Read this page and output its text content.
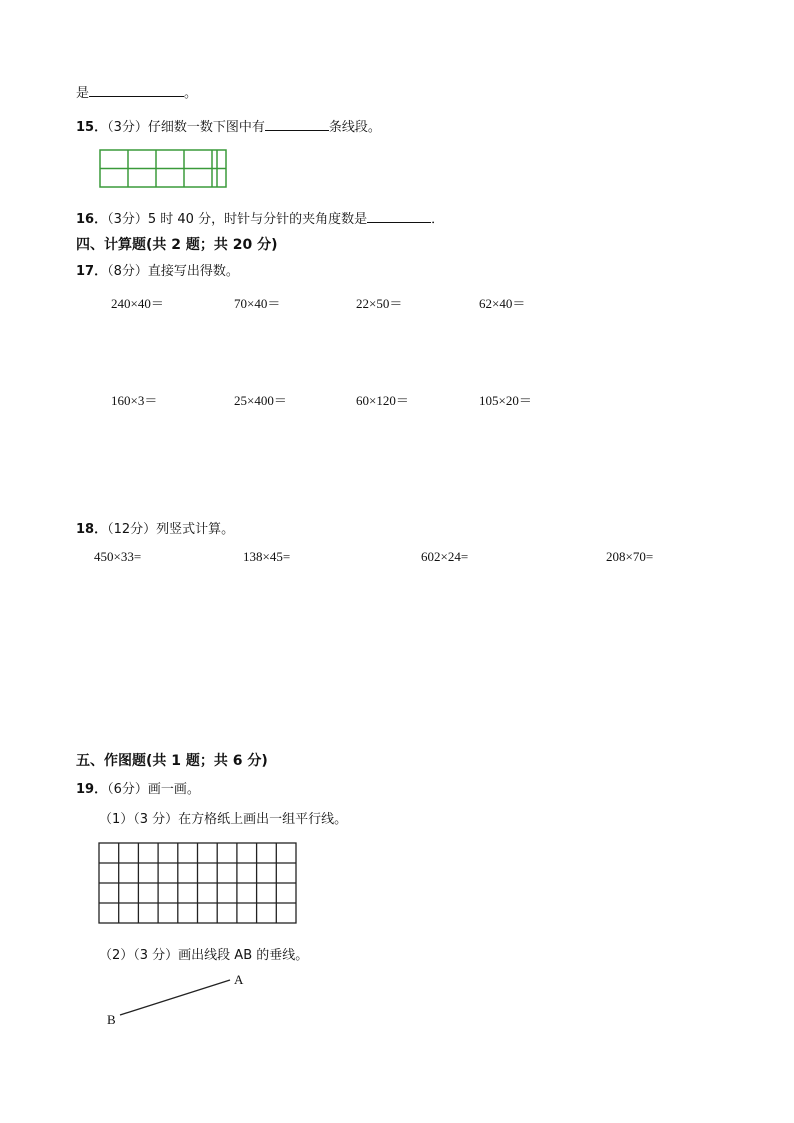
是	。
15．（3分）仔细数一数下图中有	条线段。
16．（3分）5 时 40 分，时针与分针的夹角度数是	．
四、计算题(共 2 题；共 20 分)
17．（8分）直接写出得数。
240×40＝	70×40＝	22×50＝	62×40＝
160×3＝	25×400＝	60×120＝	105×20＝
18．（12分）列竖式计算。
450×33=	138×45=	602×24=	208×70=
五、作图题(共 1 题；共 6 分)
19．（6分）画一画。
（1）（3 分）在方格纸上画出一组平行线。
（2）（3 分）画出线段 AB 的垂线。
A
B
